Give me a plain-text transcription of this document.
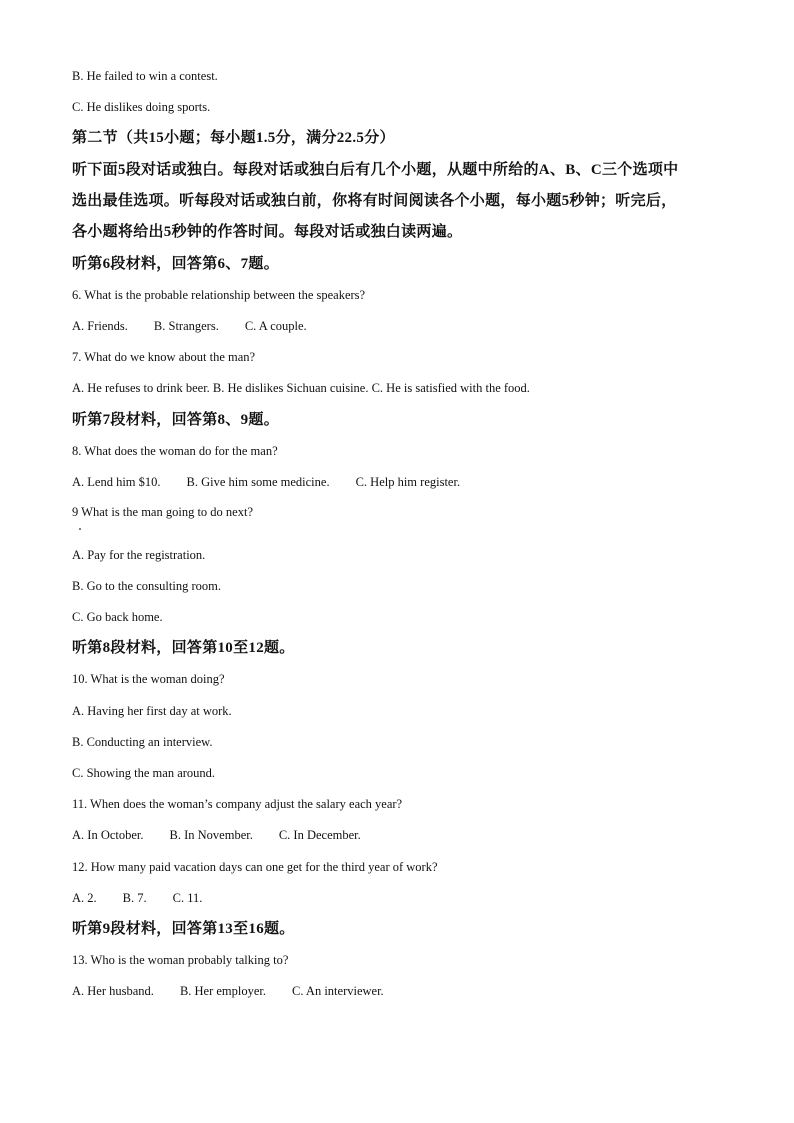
B. He failed to win a contest.
C. He dislikes doing sports.
第二节（共15小题；每小题1.5分，满分22.5分）
听下面5段对话或独白。每段对话或独白后有几个小题，从题中所给的A、B、C三个选项中
选出最佳选项。听每段对话或独白前，你将有时间阅读各个小题，每小题5秒钟；听完后，
各小题将给出5秒钟的作答时间。每段对话或独白读两遍。
听第6段材料，回答第6、7题。
6. What is the probable relationship between the speakers?
A. Friends. B. Strangers. C. A couple.
7. What do we know about the man?
A. He refuses to drink beer. B. He dislikes Sichuan cuisine. C. He is satisfied with the food.
听第7段材料，回答第8、9题。
8. What does the woman do for the man?
A. Lend him $10. B. Give him some medicine. C. Help him register.
9 What is the man going to do next?
A. Pay for the registration.
B. Go to the consulting room.
C. Go back home.
听第8段材料，回答第10至12题。
10. What is the woman doing?
A. Having her first day at work.
B. Conducting an interview.
C. Showing the man around.
11. When does the woman’s company adjust the salary each year?
A. In October. B. In November. C. In December.
12. How many paid vacation days can one get for the third year of work?
A. 2. B. 7. C. 11.
听第9段材料，回答第13至16题。
13. Who is the woman probably talking to?
A. Her husband. B. Her employer. C. An interviewer.
